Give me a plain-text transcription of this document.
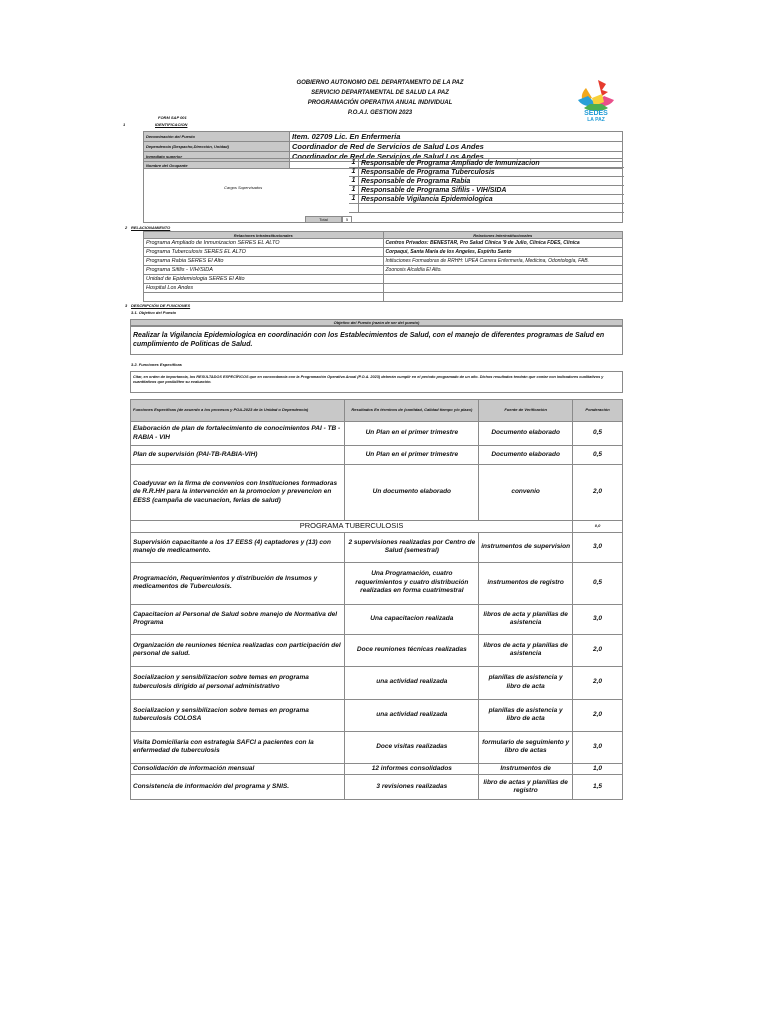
GOBIERNO AUTONOMO DEL DEPARTAMENTO DE LA PAZ
SERVICIO DEPARTAMENTAL DE SALUD LA PAZ
PROGRAMACIÓN OPERATIVA ANUAL INDIVIDUAL
P.O.A.I. GESTION 2023	SEDES
LA PAZ
FORM SAP 001
1	IDENTIFICACION
Denominación del Puesto	Item. 02709 Lic. En Enfermeria
Dependencia (Despacho,Dirección, Unidad)	Coordinador de Red de Servicios de Salud Los Andes
Inmediato superior	Coordinador de Red de Servicios de Salud Los Andes
Nombre del Ocupante	
Cargos Supervisados
1 Responsable de Programa Ampliado de Inmunizacion
1 Responsable de Programa Tuberculosis
1 Responsable de Programa Rabia
1 Responsable de Programa Sifilis - VIH/SIDA
1 Responsable Vigilancia Epidemiologica
Total	5
2 RELACIONAMIENTO
Relaciones Intrainstitucionales	Relaciones Interinstitucionales
Programa Ampliado de Inmunizacion SERES EL ALTO	Centros Privados: BENESTAR, Pro Salud Clínica '9 de Julio, Clínica FDES, Clínica
Programa Tuberculosis SERES EL ALTO	Corpaqui, Santa Maria de los Angeles, Espíritu Santo
Programa Rabia SERES El Alto	Intituciones Formadoras de RRHH: UPEA Carrera Enfermería, Medicina, Odontología, FAB.
Programa Sifilis - VIH/SIDA	Zoonosis Alcaldía El Alto.
Unidad de Epidemiologia SERES El Alto	
Hospital Los Andes	

3 DESCRIPCIÓN DE FUNCIONES
3.1. Objetivo del Puesto
Objetivo del Puesto (razón de ser del puesto)
Realizar la Vigilancia Epidemiologica en coordinación con los Establecimientos de Salud, con el manejo de diferentes programas de Salud en cumplimiento de Politicas de Salud.
3.2. Funciones Específicas
Citar, en orden de importancia, los RESULTADOS ESPECÍFICOS que en concordancia con la Programación Operativa Anual (P.O.A. 2023) deberán cumplir en el periodo programado de un año. Dichos resultados tendrán que contar con indicadores cualitativos y cuantitativos que posibiliten su evaluación.
Funciones Específicas (de acuerdo a los procesos y POA-2023 de la Unidad o Dependencia)	Resultados En términos de (cantidad, Calidad tiempo y/o plazo)	Fuente de Verificación	Ponderación
Elaboración de plan de fortalecimiento de conocimientos PAI - TB - RABIA - VIH	Un Plan en el primer trimestre	Documento elaborado	0,5
Plan de supervisión (PAI-TB-RABIA-VIH)	Un Plan en el primer trimestre	Documento elaborado	0,5
Coadyuvar en la firma de convenios con Instituciones formadoras de R.R.HH para la intervención en la promocion y prevencion en EESS (campaña de vacunacion, ferias de salud)	Un documento elaborado	convenio	2,0
PROGRAMA TUBERCULOSIS			0,0
Supervisión capacitante a los 17 EESS (4) captadores y (13) con manejo de medicamento.	2 supervisiones realizadas por Centro de Salud (semestral)	instrumentos de supervision	3,0
Programación, Requerimientos y distribución de Insumos y medicamentos de Tuberculosis.	Una Programación, cuatro requerimientos y cuatro distribución realizadas en forma cuatrimestral	instrumentos de registro	0,5
Capacitacion al Personal de Salud sobre manejo de Normativa del Programa	Una capacitacion realizada	libros de acta y planillas de asistencia	3,0
Organización de reuniones técnica realizadas con participación del personal de salud.	Doce reuniones técnicas realizadas	libros de acta y planillas de asistencia	2,0
Socializacion y sensibilizacion sobre temas en programa tuberculosis dirigido al personal administrativo	una actividad realizada	planillas de asistencia y libro de acta	2,0
Socializacion y sensibilizacion sobre temas en programa tuberculosis COLOSA	una actividad realizada	planillas de asistencia y libro de acta	2,0
Visita Domiciliaria con estrategia SAFCI a pacientes con la enfermedad de tuberculosis	Doce visitas realizadas	formulario de seguimiento y libro de actas	3,0
Consolidación de información mensual	12 informes consolidados	Instrumentos de	1,0
Consistencia de información del programa y SNIS.	3 revisiones realizadas	libro de actas y planillas de registro	1,5
